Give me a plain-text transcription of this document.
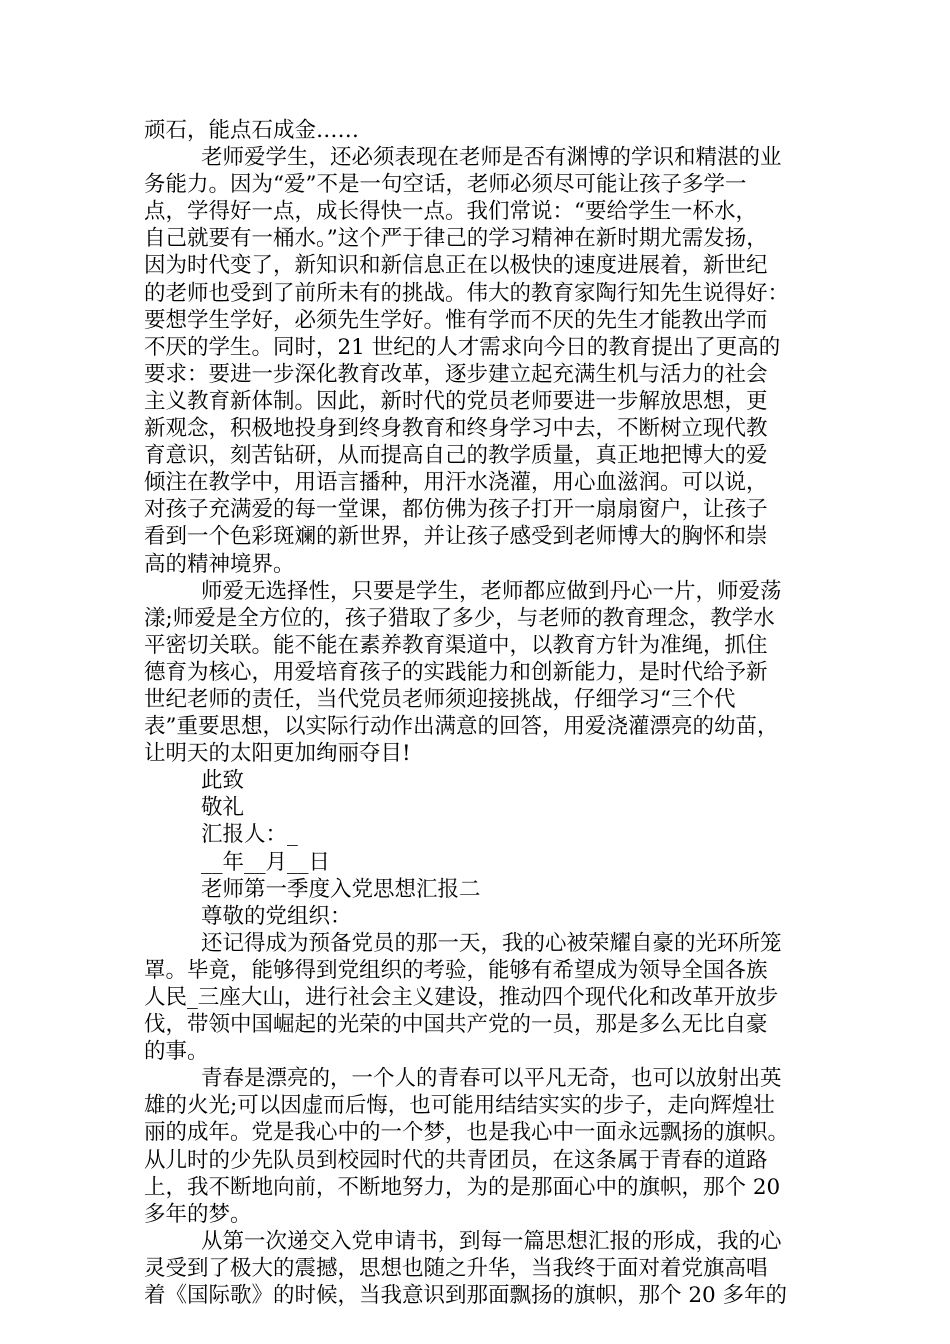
顽石，能点石成金……
老师爱学生，还必须表现在老师是否有渊博的学识和精湛的业
务能力。因为“爱”不是一句空话，老师必须尽可能让孩子多学一
点，学得好一点，成长得快一点。我们常说：“要给学生一杯水，
自己就要有一桶水。”这个严于律己的学习精神在新时期尤需发扬，
因为时代变了，新知识和新信息正在以极快的速度进展着，新世纪
的老师也受到了前所未有的挑战。伟大的教育家陶行知先生说得好：
要想学生学好，必须先生学好。惟有学而不厌的先生才能教出学而
不厌的学生。同时，21 世纪的人才需求向今日的教育提出了更高的
要求：要进一步深化教育改革，逐步建立起充满生机与活力的社会
主义教育新体制。因此，新时代的党员老师要进一步解放思想，更
新观念，积极地投身到终身教育和终身学习中去，不断树立现代教
育意识，刻苦钻研，从而提高自己的教学质量，真正地把博大的爱
倾注在教学中，用语言播种，用汗水浇灌，用心血滋润。可以说，
对孩子充满爱的每一堂课，都仿佛为孩子打开一扇扇窗户，让孩子
看到一个色彩斑斓的新世界，并让孩子感受到老师博大的胸怀和崇
高的精神境界。
师爱无选择性，只要是学生，老师都应做到丹心一片，师爱荡
漾;师爱是全方位的，孩子猎取了多少，与老师的教育理念，教学水
平密切关联。能不能在素养教育渠道中，以教育方针为准绳，抓住
德育为核心，用爱培育孩子的实践能力和创新能力，是时代给予新
世纪老师的责任，当代党员老师须迎接挑战，仔细学习“三个代
表”重要思想，以实际行动作出满意的回答，用爱浇灌漂亮的幼苗，
让明天的太阳更加绚丽夺目!
此致
敬礼
汇报人：_
__年__月__日
老师第一季度入党思想汇报二
尊敬的党组织：
还记得成为预备党员的那一天，我的心被荣耀自豪的光环所笼
罩。毕竟，能够得到党组织的考验，能够有希望成为领导全国各族
人民_三座大山，进行社会主义建设，推动四个现代化和改革开放步
伐，带领中国崛起的光荣的中国共产党的一员，那是多么无比自豪
的事。
青春是漂亮的，一个人的青春可以平凡无奇，也可以放射出英
雄的火光;可以因虚而后悔，也可能用结结实实的步子，走向辉煌壮
丽的成年。党是我心中的一个梦，也是我心中一面永远飘扬的旗帜。
从儿时的少先队员到校园时代的共青团员，在这条属于青春的道路
上，我不断地向前，不断地努力，为的是那面心中的旗帜，那个 20
多年的梦。
从第一次递交入党申请书，到每一篇思想汇报的形成，我的心
灵受到了极大的震撼，思想也随之升华，当我终于面对着党旗高唱
着《国际歌》的时候，当我意识到那面飘扬的旗帜，那个 20 多年的
